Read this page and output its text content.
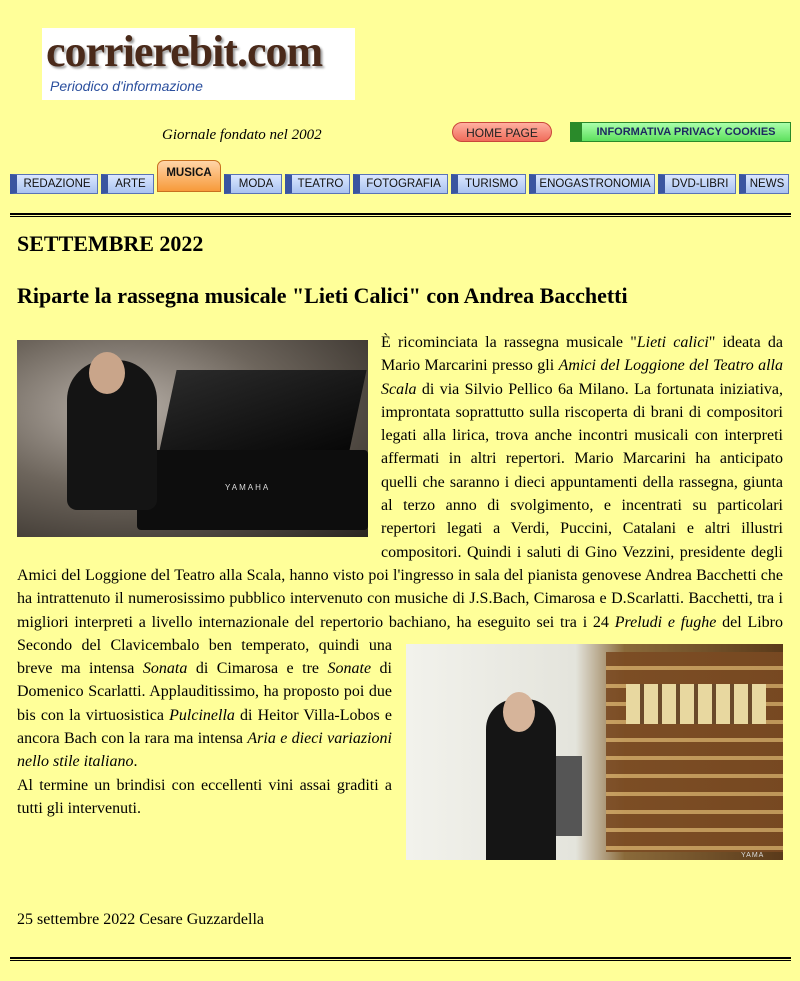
corrierebit.com
Periodico d'informazione
Giornale fondato nel 2002	HOME PAGE	INFORMATIVA PRIVACY COOKIES
REDAZIONE	ARTE
MUSICA
MODA	TEATRO	FOTOGRAFIA	TURISMO	ENOGASTRONOMIA	DVD-LIBRI	NEWS
SETTEMBRE 2022
Riparte la rassegna musicale "Lieti Calici" con Andrea Bacchetti
YAMAHA

È ricominciata la rassegna musicale "Lieti calici" ideata da Mario Marcarini presso gli Amici del Loggione del Teatro alla Scala di via Silvio Pellico 6a Milano. La fortunata iniziativa, improntata soprattutto sulla riscoperta di brani di compositori legati alla lirica, trova anche incontri musicali con interpreti affermati in altri repertori. Mario Marcarini ha anticipato quelli che saranno i dieci appuntamenti della rassegna, giunta al terzo anno di svolgimento, e incentrati su particolari repertori legati a Verdi, Puccini, Catalani e altri illustri compositori. Quindi i saluti di Gino Vezzini, presidente degli Amici del Loggione del Teatro alla Scala, hanno visto poi l'ingresso in sala del pianista genovese Andrea Bacchetti che ha intrattenuto il numerosissimo pubblico intervenuto con musiche di J.S.Bach, Cimarosa e D.Scarlatti. Bacchetti, tra i migliori interpreti a livello internazionale del repertorio bachiano, ha eseguito sei tra i 24
YAMA
Preludi e fughe del Libro Secondo del Clavicembalo ben temperato, quindi una breve ma intensa Sonata di Cimarosa e tre Sonate di Domenico Scarlatti. Applauditissimo, ha proposto poi due bis con la virtuosistica Pulcinella di Heitor Villa-Lobos e ancora Bach con la rara ma intensa Aria e dieci variazioni nello stile italiano.

Al termine un brindisi con eccellenti vini assai graditi a tutti gli intervenuti.

25 settembre 2022 Cesare Guzzardella
